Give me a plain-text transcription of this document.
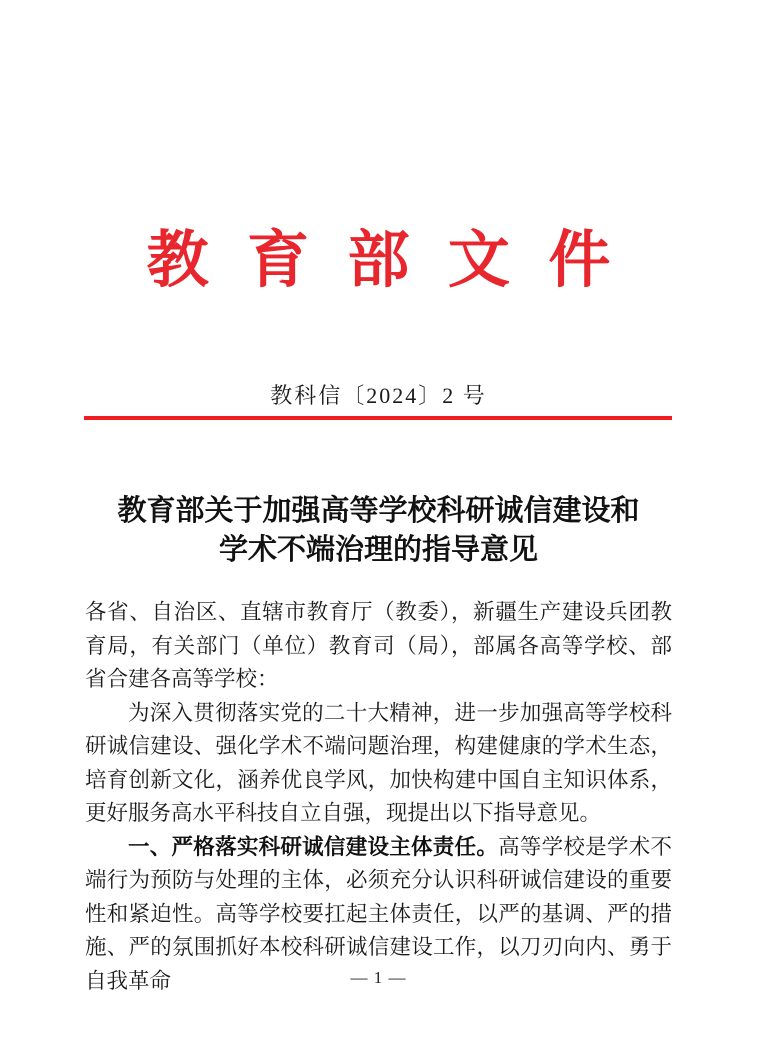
教育部文件
教科信〔2024〕2 号
教育部关于加强高等学校科研诚信建设和
学术不端治理的指导意见

各省、自治区、直辖市教育厅（教委），新疆生产建设兵团教育局，有关部门（单位）教育司（局），部属各高等学校、部省合建各高等学校：

为深入贯彻落实党的二十大精神，进一步加强高等学校科研诚信建设、强化学术不端问题治理，构建健康的学术生态，培育创新文化，涵养优良学风，加快构建中国自主知识体系，更好服务高水平科技自立自强，现提出以下指导意见。

一、严格落实科研诚信建设主体责任。高等学校是学术不端行为预防与处理的主体，必须充分认识科研诚信建设的重要性和紧迫性。高等学校要扛起主体责任，以严的基调、严的措施、严的氛围抓好本校科研诚信建设工作，以刀刃向内、勇于自我革命	— 1 —
